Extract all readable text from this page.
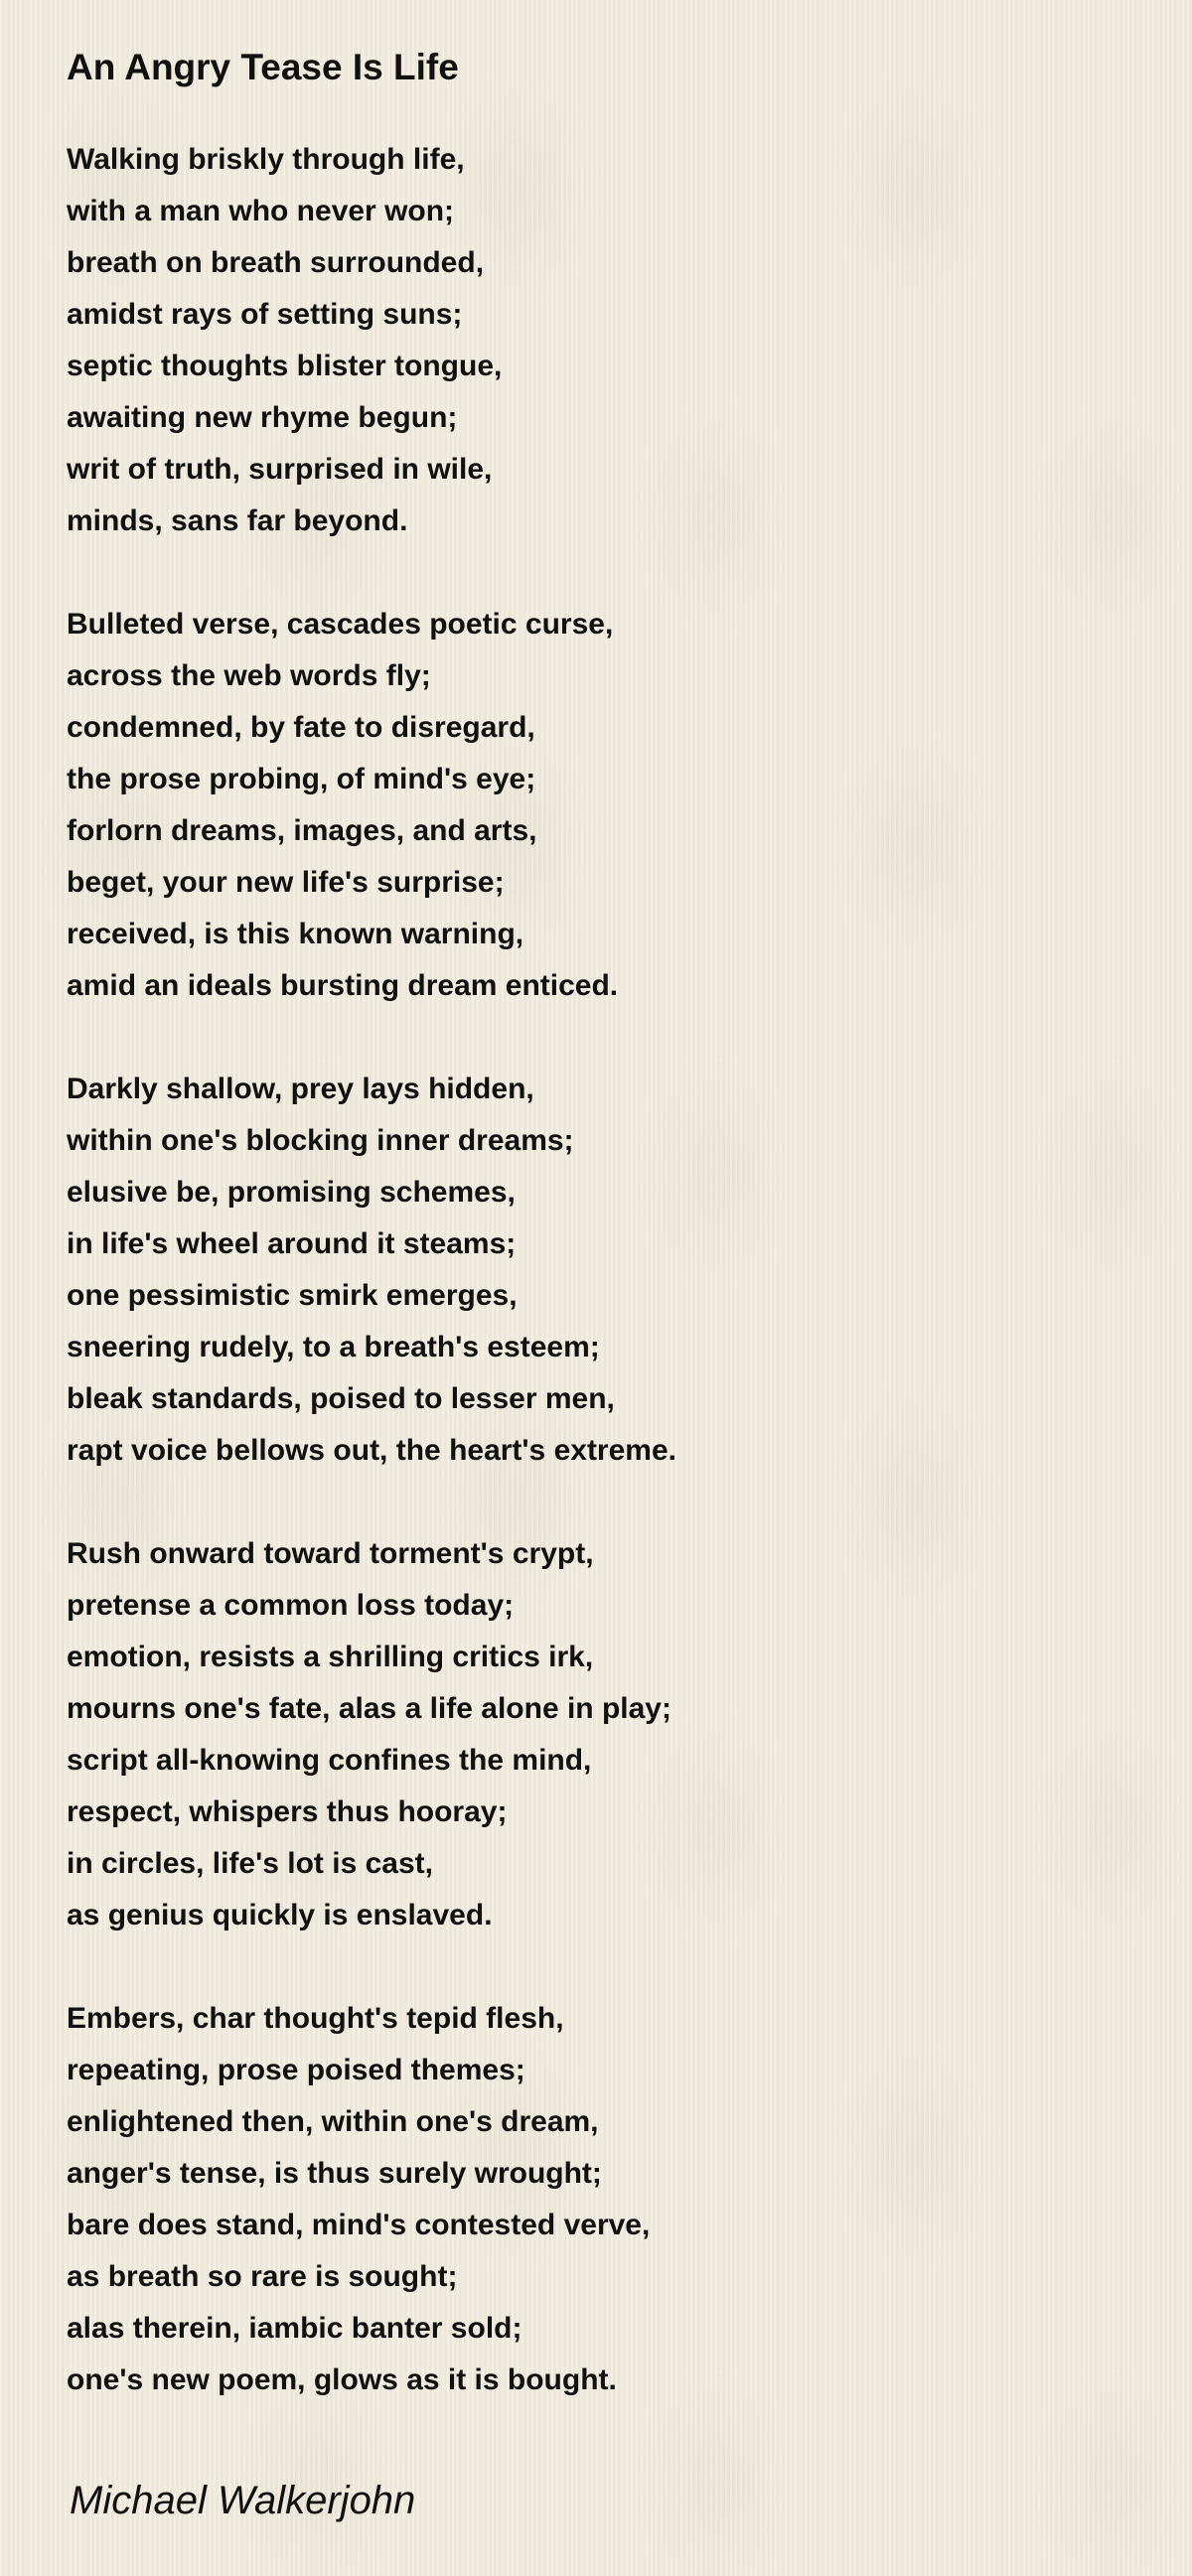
An Angry Tease Is Life
Walking briskly through life,
with a man who never won;
breath on breath surrounded,
amidst rays of setting suns;
septic thoughts blister tongue,
awaiting new rhyme begun;
writ of truth, surprised in wile,
minds, sans far beyond.
Bulleted verse, cascades poetic curse,
across the web words fly;
condemned, by fate to disregard,
the prose probing, of mind's eye;
forlorn dreams, images, and arts,
beget, your new life's surprise;
received, is this known warning,
amid an ideals bursting dream enticed.
Darkly shallow, prey lays hidden,
within one's blocking inner dreams;
elusive be, promising schemes,
in life's wheel around it steams;
one pessimistic smirk emerges,
sneering rudely, to a breath's esteem;
bleak standards, poised to lesser men,
rapt voice bellows out, the heart's extreme.
Rush onward toward torment's crypt,
pretense a common loss today;
emotion, resists a shrilling critics irk,
mourns one's fate, alas a life alone in play;
script all-knowing confines the mind,
respect, whispers thus hooray;
in circles, life's lot is cast,
as genius quickly is enslaved.
Embers, char thought's tepid flesh,
repeating, prose poised themes;
enlightened then, within one's dream,
anger's tense, is thus surely wrought;
bare does stand, mind's contested verve,
as breath so rare is sought;
alas therein, iambic banter sold;
one's new poem, glows as it is bought.
Michael Walkerjohn
